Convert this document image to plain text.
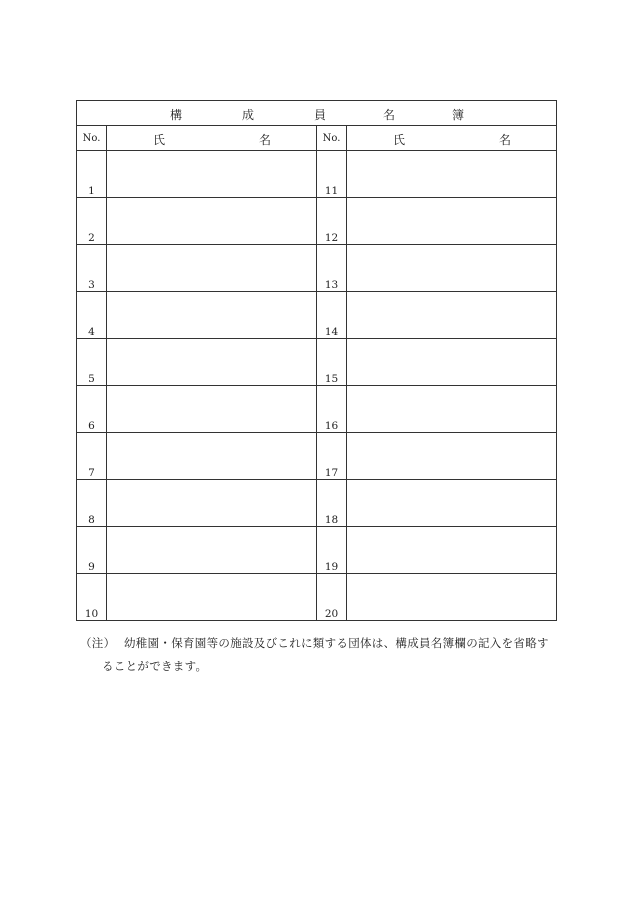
構 成 員 名 簿			

No.	氏 名	No.	氏 名

1		11	
2		12	
3		13	
4		14	
5		15	
6		16	
7		17	
8		18	
9		19	
10		20	
（注） 幼稚園・保育園等の施設及びこれに類する団体は、構成員名簿欄の記入を省略す
ることができます。
